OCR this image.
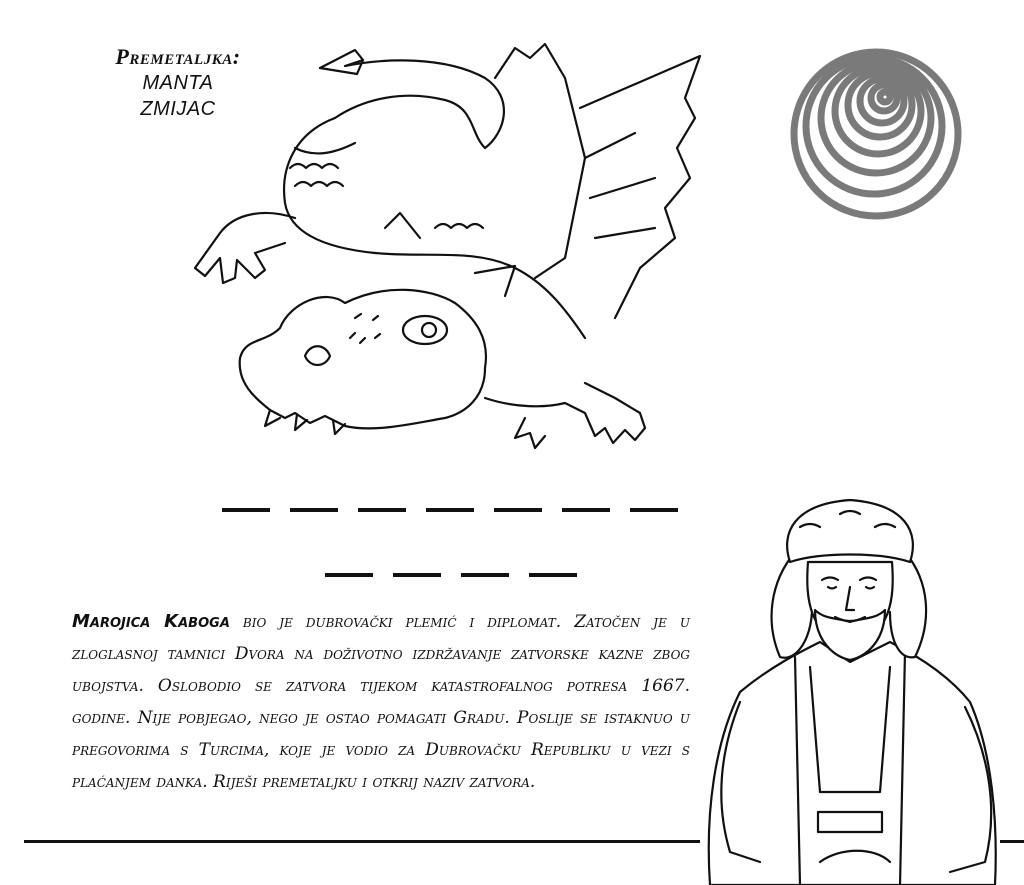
Premetaljka:
MANTA
ZMIJAC

Marojica Kaboga bio je dubrovački plemić i diplomat. Zatočen je u zloglasnoj tamnici Dvora na doživotno izdržavanje zatvorske kazne zbog ubojstva. Oslobodio se zatvora tijekom katastrofalnog potresa 1667. godine. Nije pobjegao, nego je ostao pomagati Gradu. Poslije se istaknuo u pregovorima s Turcima, koje je vodio za Dubrovačku Republiku u vezi s plaćanjem danka. Riješi premetaljku i otkrij naziv zatvora.
